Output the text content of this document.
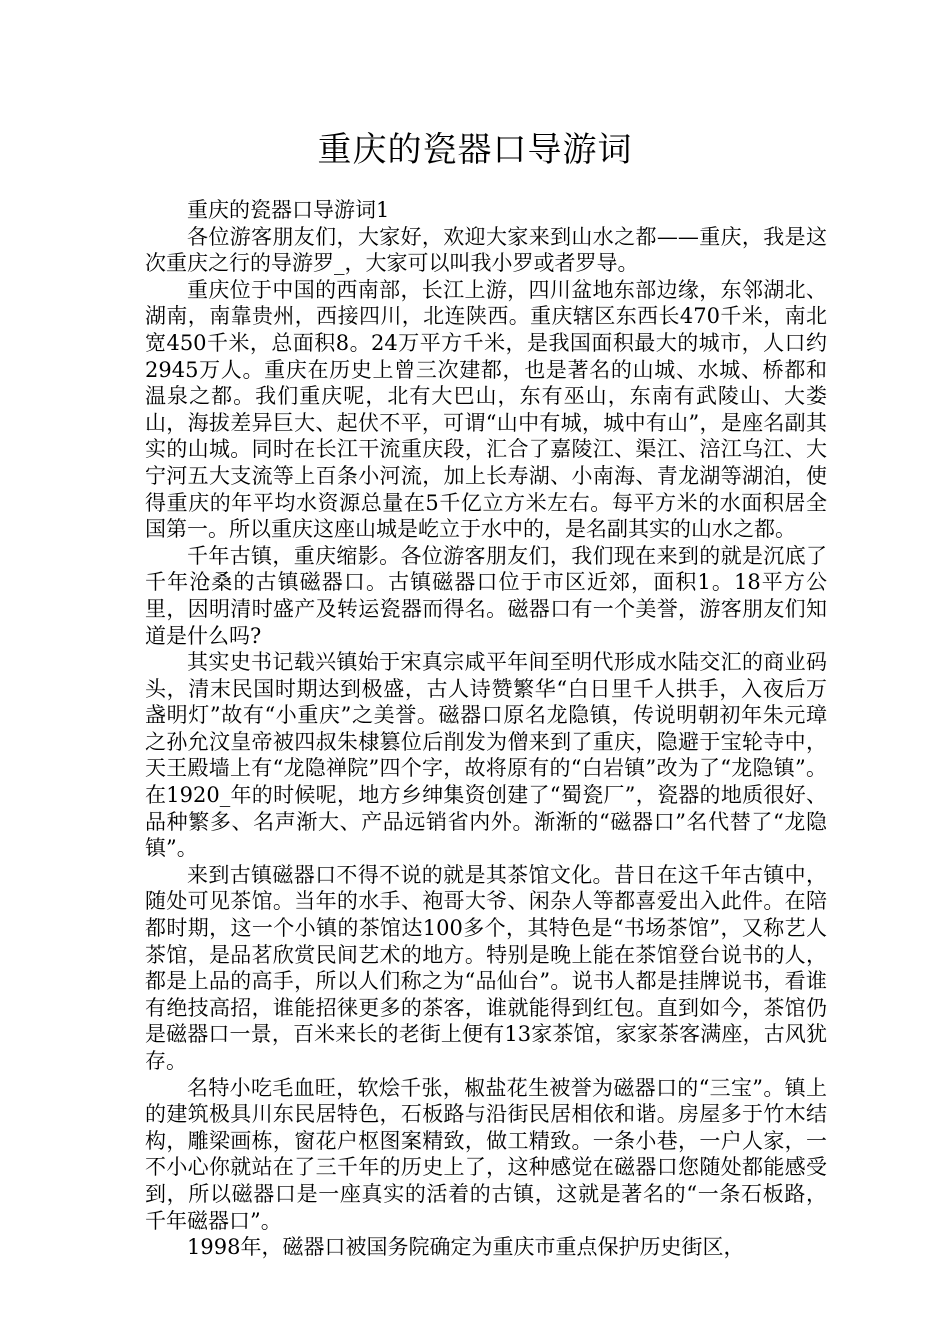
重庆的瓷器口导游词

重庆的瓷器口导游词1

各位游客朋友们，大家好，欢迎大家来到山水之都——重庆，我是这次重庆之行的导游罗_，大家可以叫我小罗或者罗导。

重庆位于中国的西南部，长江上游，四川盆地东部边缘，东邻湖北、湖南，南靠贵州，西接四川，北连陕西。重庆辖区东西长470千米，南北宽450千米，总面积8。24万平方千米，是我国面积最大的城市，人口约2945万人。重庆在历史上曾三次建都，也是著名的山城、水城、桥都和温泉之都。我们重庆呢，北有大巴山，东有巫山，东南有武陵山、大娄山，海拔差异巨大、起伏不平，可谓“山中有城，城中有山”，是座名副其实的山城。同时在长江干流重庆段，汇合了嘉陵江、渠江、涪江乌江、大宁河五大支流等上百条小河流，加上长寿湖、小南海、青龙湖等湖泊，使得重庆的年平均水资源总量在5千亿立方米左右。每平方米的水面积居全国第一。所以重庆这座山城是屹立于水中的，是名副其实的山水之都。

千年古镇，重庆缩影。各位游客朋友们，我们现在来到的就是沉底了千年沧桑的古镇磁器口。古镇磁器口位于市区近郊，面积1。18平方公里，因明清时盛产及转运瓷器而得名。磁器口有一个美誉，游客朋友们知道是什么吗?

其实史书记载兴镇始于宋真宗咸平年间至明代形成水陆交汇的商业码头，清末民国时期达到极盛，古人诗赞繁华“白日里千人拱手，入夜后万盏明灯”故有“小重庆”之美誉。磁器口原名龙隐镇，传说明朝初年朱元璋之孙允汶皇帝被四叔朱棣篡位后削发为僧来到了重庆，隐避于宝轮寺中，天王殿墙上有“龙隐禅院”四个字，故将原有的“白岩镇”改为了“龙隐镇”。在1920_年的时候呢，地方乡绅集资创建了“蜀瓷厂”，瓷器的地质很好、品种繁多、名声渐大、产品远销省内外。渐渐的“磁器口”名代替了“龙隐镇”。

来到古镇磁器口不得不说的就是其茶馆文化。昔日在这千年古镇中，随处可见茶馆。当年的水手、袍哥大爷、闲杂人等都喜爱出入此件。在陪都时期，这一个小镇的茶馆达100多个，其特色是“书场茶馆”，又称艺人茶馆，是品茗欣赏民间艺术的地方。特别是晚上能在茶馆登台说书的人，都是上品的高手，所以人们称之为“品仙台”。说书人都是挂牌说书，看谁有绝技高招，谁能招徕更多的茶客，谁就能得到红包。直到如今，茶馆仍是磁器口一景，百米来长的老街上便有13家茶馆，家家茶客满座，古风犹存。

名特小吃毛血旺，软烩千张，椒盐花生被誉为磁器口的“三宝”。镇上的建筑极具川东民居特色，石板路与沿街民居相依和谐。房屋多于竹木结构，雕梁画栋，窗花户枢图案精致，做工精致。一条小巷，一户人家，一不小心你就站在了三千年的历史上了，这种感觉在磁器口您随处都能感受到，所以磁器口是一座真实的活着的古镇，这就是著名的“一条石板路，千年磁器口”。

1998年，磁器口被国务院确定为重庆市重点保护历史街区，
